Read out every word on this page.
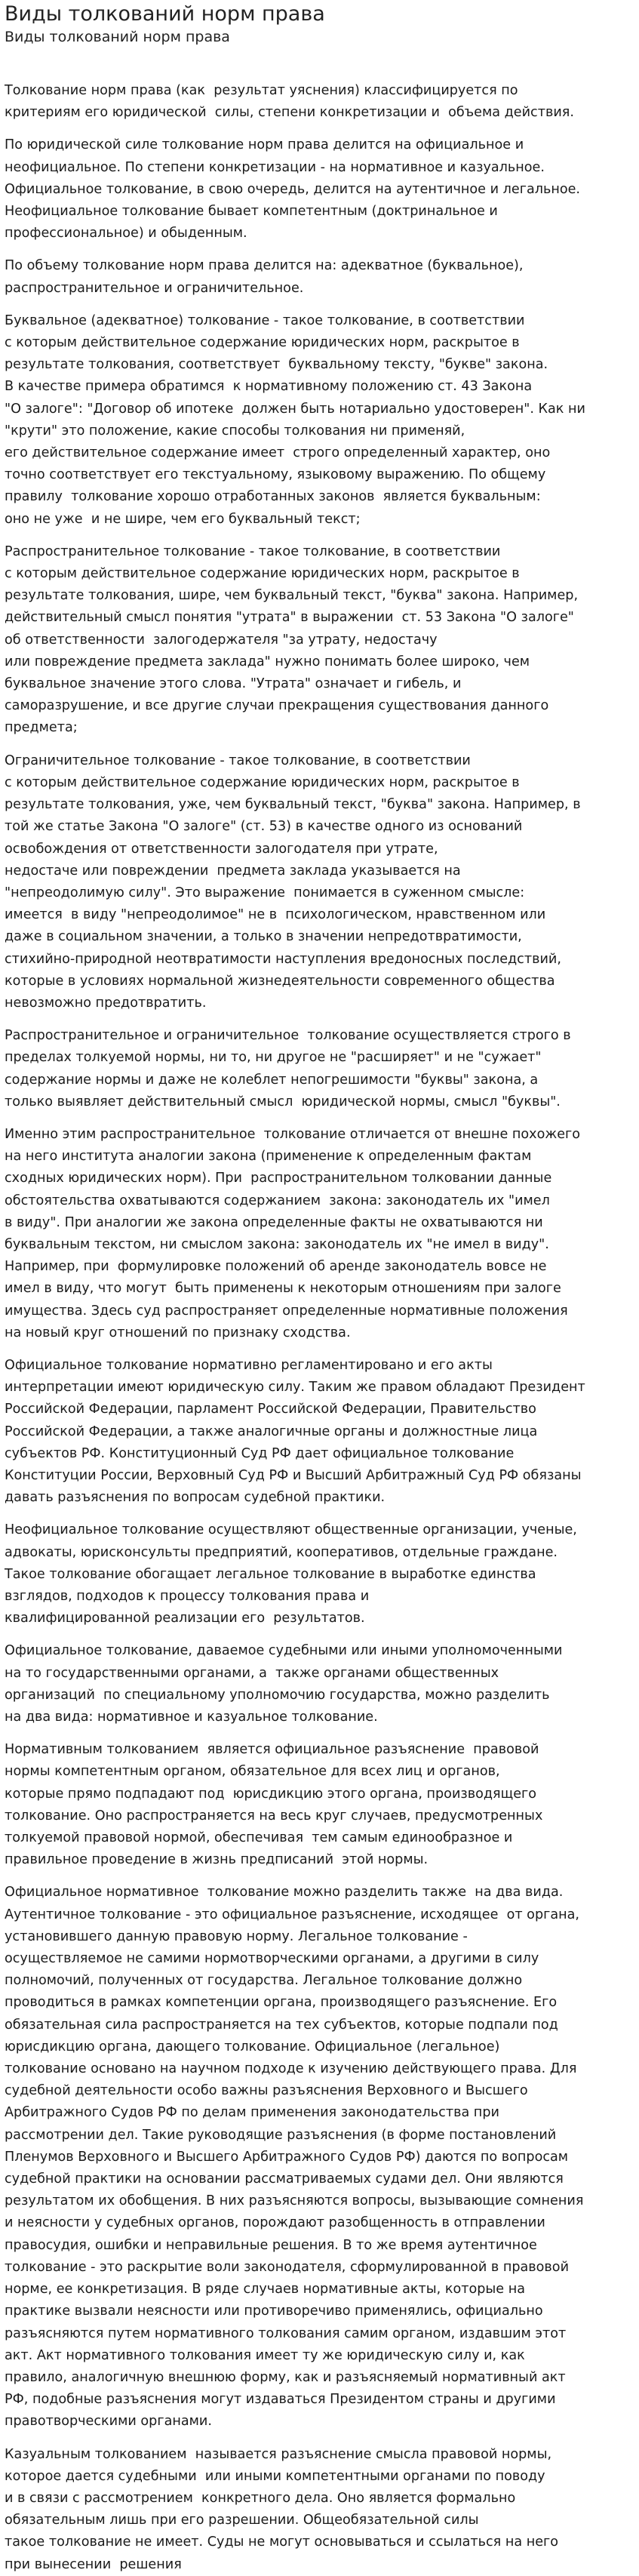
Виды толкований норм права
Виды толкований норм права

Толкование норм права (как  результат уяснения) классифицируется по
критериям его юридической  силы, степени конкретизации и  объема действия.

По юридической силе толкование норм права делится на официальное и
неофициальное. По степени конкретизации - на нормативное и казуальное.
Официальное толкование, в свою очередь, делится на аутентичное и легальное.
Неофициальное толкование бывает компетентным (доктринальное и
профессиональное) и обыденным.

По объему толкование норм права делится на: адекватное (буквальное),
распространительное и ограничительное.

Буквальное (адекватное) толкование - такое толкование, в соответствии
с которым действительное содержание юридических норм, раскрытое в
результате толкования, соответствует  буквальному тексту, "букве" закона.
В качестве примера обратимся  к нормативному положению ст. 43 Закона
"О залоге": "Договор об ипотеке  должен быть нотариально удостоверен". Как ни
"крути" это положение, какие способы толкования ни применяй,
его действительное содержание имеет  строго определенный характер, оно
точно соответствует его текстуальному, языковому выражению. По общему
правилу  толкование хорошо отработанных законов  является буквальным:
оно не уже  и не шире, чем его буквальный текст;

Распространительное толкование - такое толкование, в соответствии
с которым действительное содержание юридических норм, раскрытое в
результате толкования, шире, чем буквальный текст, "буква" закона. Например,
действительный смысл понятия "утрата" в выражении  ст. 53 Закона "О залоге"
об ответственности  залогодержателя "за утрату, недостачу
или повреждение предмета заклада" нужно понимать более широко, чем
буквальное значение этого слова. "Утрата" означает и гибель, и
саморазрушение, и все другие случаи прекращения существования данного
предмета;

Ограничительное толкование - такое толкование, в соответствии
с которым действительное содержание юридических норм, раскрытое в
результате толкования, уже, чем буквальный текст, "буква" закона. Например, в
той же статье Закона "О залоге" (ст. 53) в качестве одного из оснований
освобождения от ответственности залогодателя при утрате,
недостаче или повреждении  предмета заклада указывается на
"непреодолимую силу". Это выражение  понимается в суженном смысле:
имеется  в виду "непреодолимое" не в  психологическом, нравственном или
даже в социальном значении, а только в значении непредотвратимости,
стихийно-природной неотвратимости наступления вредоносных последствий,
которые в условиях нормальной жизнедеятельности современного общества
невозможно предотвратить.

Распространительное и ограничительное  толкование осуществляется строго в
пределах толкуемой нормы, ни то, ни другое не "расширяет" и не "сужает"
содержание нормы и даже не колеблет непогрешимости "буквы" закона, а
только выявляет действительный смысл  юридической нормы, смысл "буквы".

Именно этим распространительное  толкование отличается от внешне похожего
на него института аналогии закона (применение к определенным фактам
сходных юридических норм). При  распространительном толковании данные
обстоятельства охватываются содержанием  закона: законодатель их "имел
в виду". При аналогии же закона определенные факты не охватываются ни
буквальным текстом, ни смыслом закона: законодатель их "не имел в виду".
Например, при  формулировке положений об аренде законодатель вовсе не
имел в виду, что могут  быть применены к некоторым отношениям при залоге
имущества. Здесь суд распространяет определенные нормативные положения
на новый круг отношений по признаку сходства.

Официальное толкование нормативно регламентировано и его акты
интерпретации имеют юридическую силу. Таким же правом обладают Президент
Российской Федерации, парламент Российской Федерации, Правительство
Российской Федерации, а также аналогичные органы и должностные лица
субъектов РФ. Конституционный Суд РФ дает официальное толкование
Конституции России, Верховный Суд РФ и Высший Арбитражный Суд РФ обязаны
давать разъяснения по вопросам судебной практики.

Неофициальное толкование осуществляют общественные организации, ученые,
адвокаты, юрисконсульты предприятий, кооперативов, отдельные граждане.
Такое толкование обогащает легальное толкование в выработке единства
взглядов, подходов к процессу толкования права и
квалифицированной реализации его  результатов.

Официальное толкование, даваемое судебными или иными уполномоченными
на то государственными органами, а  также органами общественных
организаций  по специальному уполномочию государства, можно разделить
на два вида: нормативное и казуальное толкование.

Нормативным толкованием  является официальное разъяснение  правовой
нормы компетентным органом, обязательное для всех лиц и органов,
которые прямо подпадают под  юрисдикцию этого органа, производящего
толкование. Оно распространяется на весь круг случаев, предусмотренных
толкуемой правовой нормой, обеспечивая  тем самым единообразное и
правильное проведение в жизнь предписаний  этой нормы.

Официальное нормативное  толкование можно разделить также  на два вида.
Аутентичное толкование - это официальное разъяснение, исходящее  от органа,
установившего данную правовую норму. Легальное толкование -
осуществляемое не самими нормотворческими органами, а другими в силу
полномочий, полученных от государства. Легальное толкование должно
проводиться в рамках компетенции органа, производящего разъяснение. Его
обязательная сила распространяется на тех субъектов, которые подпали под
юрисдикцию органа, дающего толкование. Официальное (легальное)
толкование основано на научном подходе к изучению действующего права. Для
судебной деятельности особо важны разъяснения Верховного и Высшего
Арбитражного Судов РФ по делам применения законодательства при
рассмотрении дел. Такие руководящие разъяснения (в форме постановлений
Пленумов Верховного и Высшего Арбитражного Судов РФ) даются по вопросам
судебной практики на основании рассматриваемых судами дел. Они являются
результатом их обобщения. В них разъясняются вопросы, вызывающие сомнения
и неясности у судебных органов, порождают разобщенность в отправлении
правосудия, ошибки и неправильные решения. В то же время аутентичное
толкование - это раскрытие воли законодателя, сформулированной в правовой
норме, ее конкретизация. В ряде случаев нормативные акты, которые на
практике вызвали неясности или противоречиво применялись, официально
разъясняются путем нормативного толкования самим органом, издавшим этот
акт. Акт нормативного толкования имеет ту же юридическую силу и, как
правило, аналогичную внешнюю форму, как и разъясняемый нормативный акт
РФ, подобные разъяснения могут издаваться Президентом страны и другими
правотворческими органами.

Казуальным толкованием  называется разъяснение смысла правовой нормы,
которое дается судебными  или иными компетентными органами по поводу
и в связи с рассмотрением  конкретного дела. Оно является формально
обязательным лишь при его разрешении. Общеобязательной силы
такое толкование не имеет. Суды не могут основываться и ссылаться на него
при вынесении  решения
